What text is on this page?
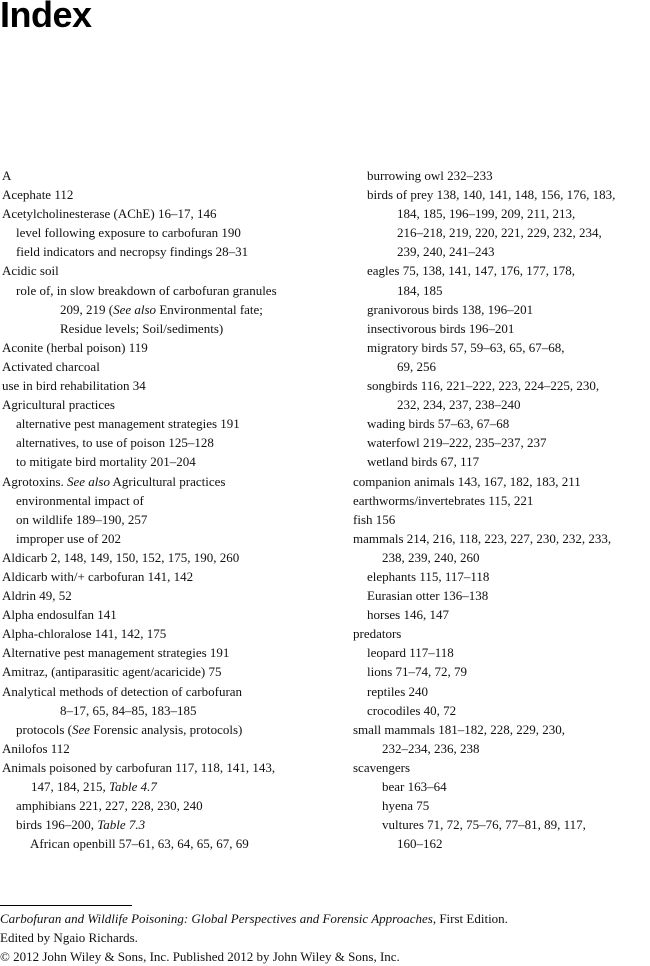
Index
A
Acephate 112
Acetylcholinesterase (AChE) 16–17, 146
level following exposure to carbofuran 190
field indicators and necropsy findings 28–31
Acidic soil
role of, in slow breakdown of carbofuran granules
209, 219 (See also Environmental fate;
Residue levels; Soil/sediments)
Aconite (herbal poison) 119
Activated charcoal
use in bird rehabilitation 34
Agricultural practices
alternative pest management strategies 191
alternatives, to use of poison 125–128
to mitigate bird mortality 201–204
Agrotoxins. See also Agricultural practices
environmental impact of
on wildlife 189–190, 257
improper use of 202
Aldicarb 2, 148, 149, 150, 152, 175, 190, 260
Aldicarb with/+ carbofuran 141, 142
Aldrin 49, 52
Alpha endosulfan 141
Alpha-chloralose 141, 142, 175
Alternative pest management strategies 191
Amitraz, (antiparasitic agent/acaricide) 75
Analytical methods of detection of carbofuran
8–17, 65, 84–85, 183–185
protocols (See Forensic analysis, protocols)
Anilofos 112
Animals poisoned by carbofuran 117, 118, 141, 143,
147, 184, 215, Table 4.7
amphibians 221, 227, 228, 230, 240
birds 196–200, Table 7.3
African openbill 57–61, 63, 64, 65, 67, 69
burrowing owl 232–233
birds of prey 138, 140, 141, 148, 156, 176, 183,
184, 185, 196–199, 209, 211, 213,
216–218, 219, 220, 221, 229, 232, 234,
239, 240, 241–243
eagles 75, 138, 141, 147, 176, 177, 178,
184, 185
granivorous birds 138, 196–201
insectivorous birds 196–201
migratory birds 57, 59–63, 65, 67–68,
69, 256
songbirds 116, 221–222, 223, 224–225, 230,
232, 234, 237, 238–240
wading birds 57–63, 67–68
waterfowl 219–222, 235–237, 237
wetland birds 67, 117
companion animals 143, 167, 182, 183, 211
earthworms/invertebrates 115, 221
fish 156
mammals 214, 216, 118, 223, 227, 230, 232, 233,
238, 239, 240, 260
elephants 115, 117–118
Eurasian otter 136–138
horses 146, 147
predators
leopard 117–118
lions 71–74, 72, 79
reptiles 240
crocodiles 40, 72
small mammals 181–182, 228, 229, 230,
232–234, 236, 238
scavengers
bear 163–64
hyena 75
vultures 71, 72, 75–76, 77–81, 89, 117,
160–162
Carbofuran and Wildlife Poisoning: Global Perspectives and Forensic Approaches, First Edition.
Edited by Ngaio Richards.
© 2012 John Wiley & Sons, Inc. Published 2012 by John Wiley & Sons, Inc.
